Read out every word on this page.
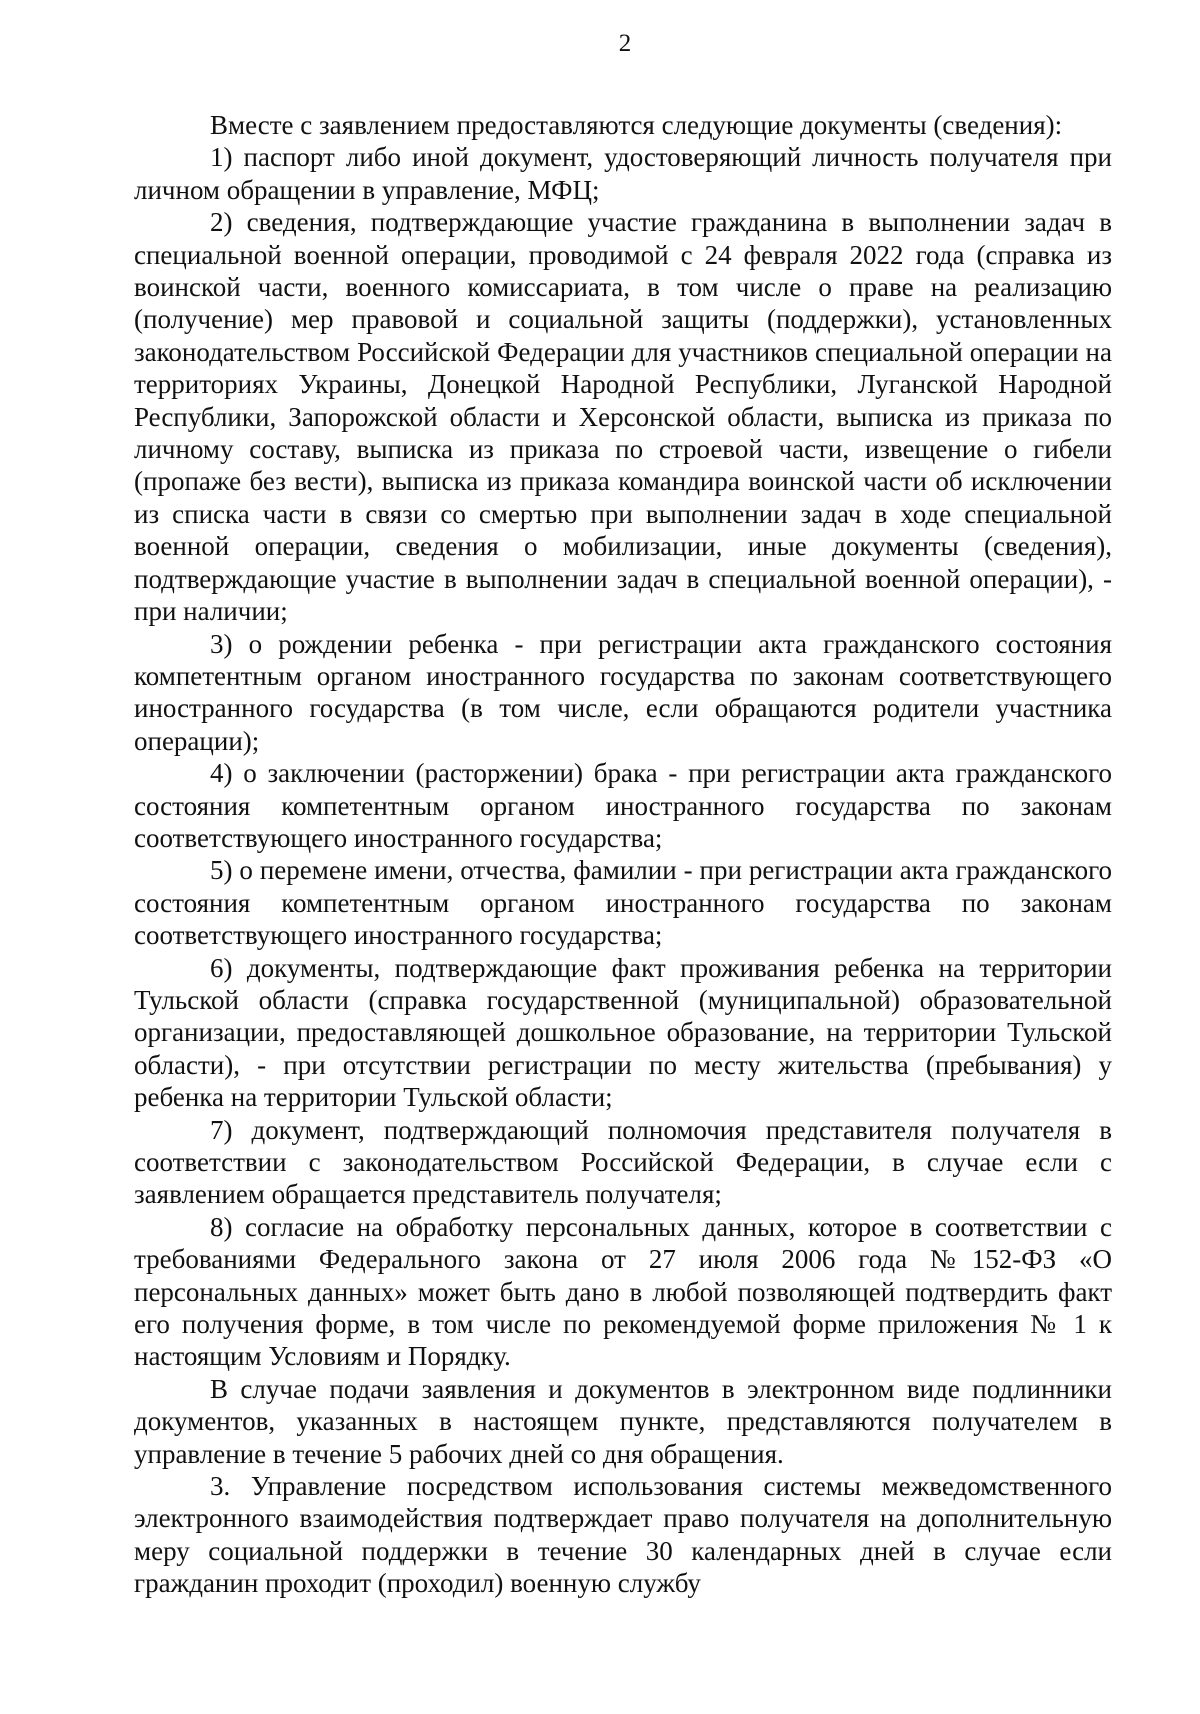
2

Вместе с заявлением предоставляются следующие документы (сведения):

1) паспорт либо иной документ, удостоверяющий личность получателя при личном обращении в управление, МФЦ;

2) сведения, подтверждающие участие гражданина в выполнении задач в специальной военной операции, проводимой с 24 февраля 2022 года (справка из воинской части, военного комиссариата, в том числе о праве на реализацию (получение) мер правовой и социальной защиты (поддержки), установленных законодательством Российской Федерации для участников специальной операции на территориях Украины, Донецкой Народной Республики, Луганской Народной Республики, Запорожской области и Херсонской области, выписка из приказа по личному составу, выписка из приказа по строевой части, извещение о гибели (пропаже без вести), выписка из приказа командира воинской части об исключении из списка части в связи со смертью при выполнении задач в ходе специальной военной операции, сведения о мобилизации, иные документы (сведения), подтверждающие участие в выполнении задач в специальной военной операции), - при наличии;

3) о рождении ребенка - при регистрации акта гражданского состояния компетентным органом иностранного государства по законам соответствующего иностранного государства (в том числе, если обращаются родители участника операции);

4) о заключении (расторжении) брака - при регистрации акта гражданского состояния компетентным органом иностранного государства по законам соответствующего иностранного государства;

5) о перемене имени, отчества, фамилии - при регистрации акта гражданского состояния компетентным органом иностранного государства по законам соответствующего иностранного государства;

6) документы, подтверждающие факт проживания ребенка на территории Тульской области (справка государственной (муниципальной) образовательной организации, предоставляющей дошкольное образование, на территории Тульской области), - при отсутствии регистрации по месту жительства (пребывания) у ребенка на территории Тульской области;

7) документ, подтверждающий полномочия представителя получателя в соответствии с законодательством Российской Федерации, в случае если с заявлением обращается представитель получателя;

8) согласие на обработку персональных данных, которое в соответствии с требованиями Федерального закона от 27 июля 2006 года №152-ФЗ «О персональных данных» может быть дано в любой позволяющей подтвердить факт его получения форме, в том числе по рекомендуемой форме приложения № 1 к настоящим Условиям и Порядку.

В случае подачи заявления и документов в электронном виде подлинники документов, указанных в настоящем пункте, представляются получателем в управление в течение 5 рабочих дней со дня обращения.

3. Управление посредством использования системы межведомственного электронного взаимодействия подтверждает право получателя на дополнительную меру социальной поддержки в течение 30 календарных дней в случае если гражданин проходит (проходил) военную службу
